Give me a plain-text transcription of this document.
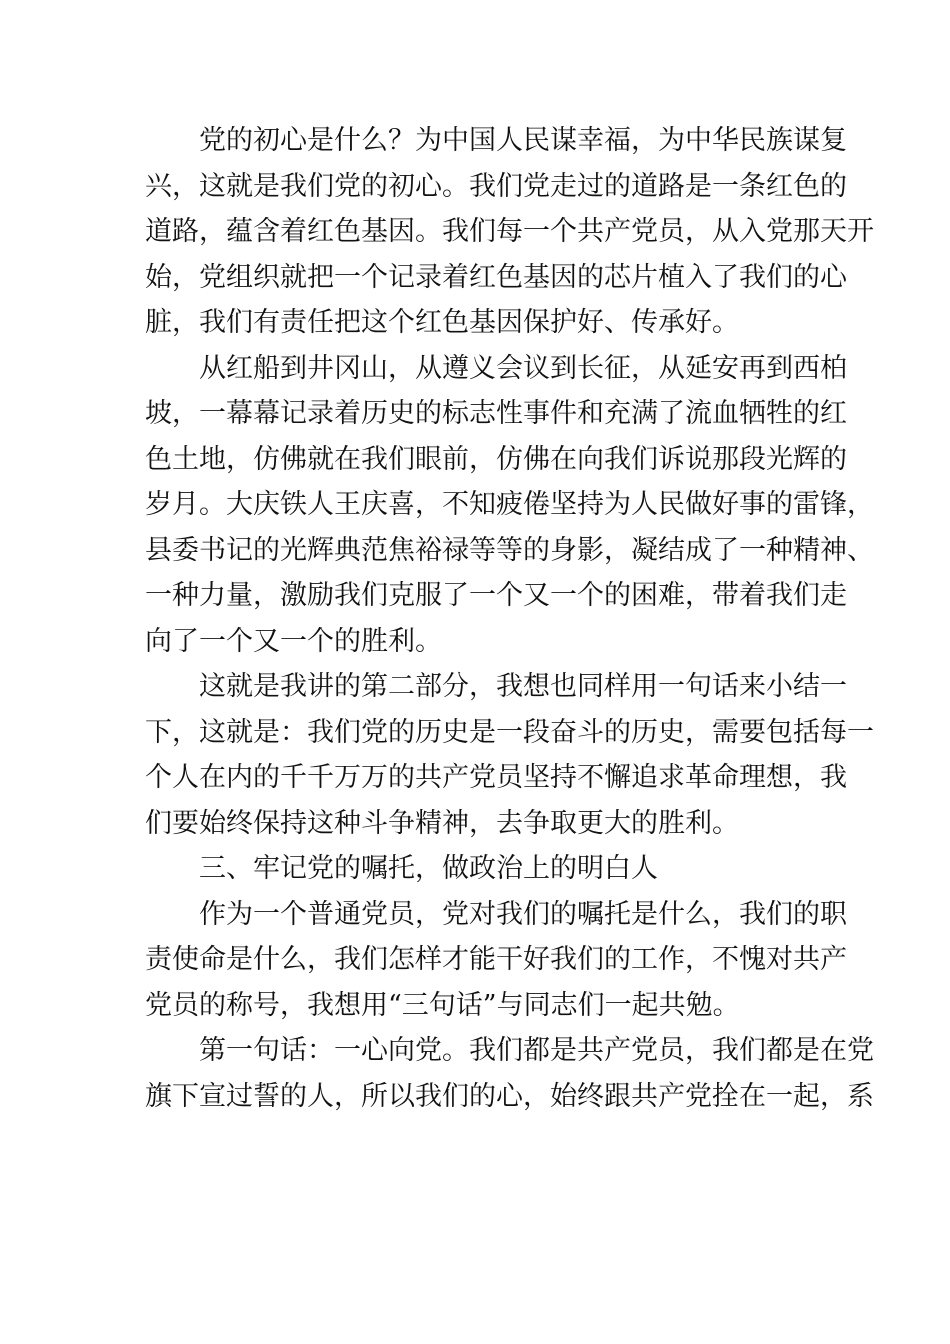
党的初心是什么？为中国人民谋幸福，为中华民族谋复
兴，这就是我们党的初心。我们党走过的道路是一条红色的
道路，蕴含着红色基因。我们每一个共产党员，从入党那天开
始，党组织就把一个记录着红色基因的芯片植入了我们的心
脏，我们有责任把这个红色基因保护好、传承好。
从红船到井冈山，从遵义会议到长征，从延安再到西柏
坡，一幕幕记录着历史的标志性事件和充满了流血牺牲的红
色土地，仿佛就在我们眼前，仿佛在向我们诉说那段光辉的
岁月。大庆铁人王庆喜，不知疲倦坚持为人民做好事的雷锋，
县委书记的光辉典范焦裕禄等等的身影，凝结成了一种精神、
一种力量，激励我们克服了一个又一个的困难，带着我们走
向了一个又一个的胜利。
这就是我讲的第二部分，我想也同样用一句话来小结一
下，这就是：我们党的历史是一段奋斗的历史，需要包括每一
个人在内的千千万万的共产党员坚持不懈追求革命理想，我
们要始终保持这种斗争精神，去争取更大的胜利。
三、牢记党的嘱托，做政治上的明白人
作为一个普通党员，党对我们的嘱托是什么，我们的职
责使命是什么，我们怎样才能干好我们的工作，不愧对共产
党员的称号，我想用“三句话”与同志们一起共勉。
第一句话：一心向党。我们都是共产党员，我们都是在党
旗下宣过誓的人，所以我们的心，始终跟共产党拴在一起，系
